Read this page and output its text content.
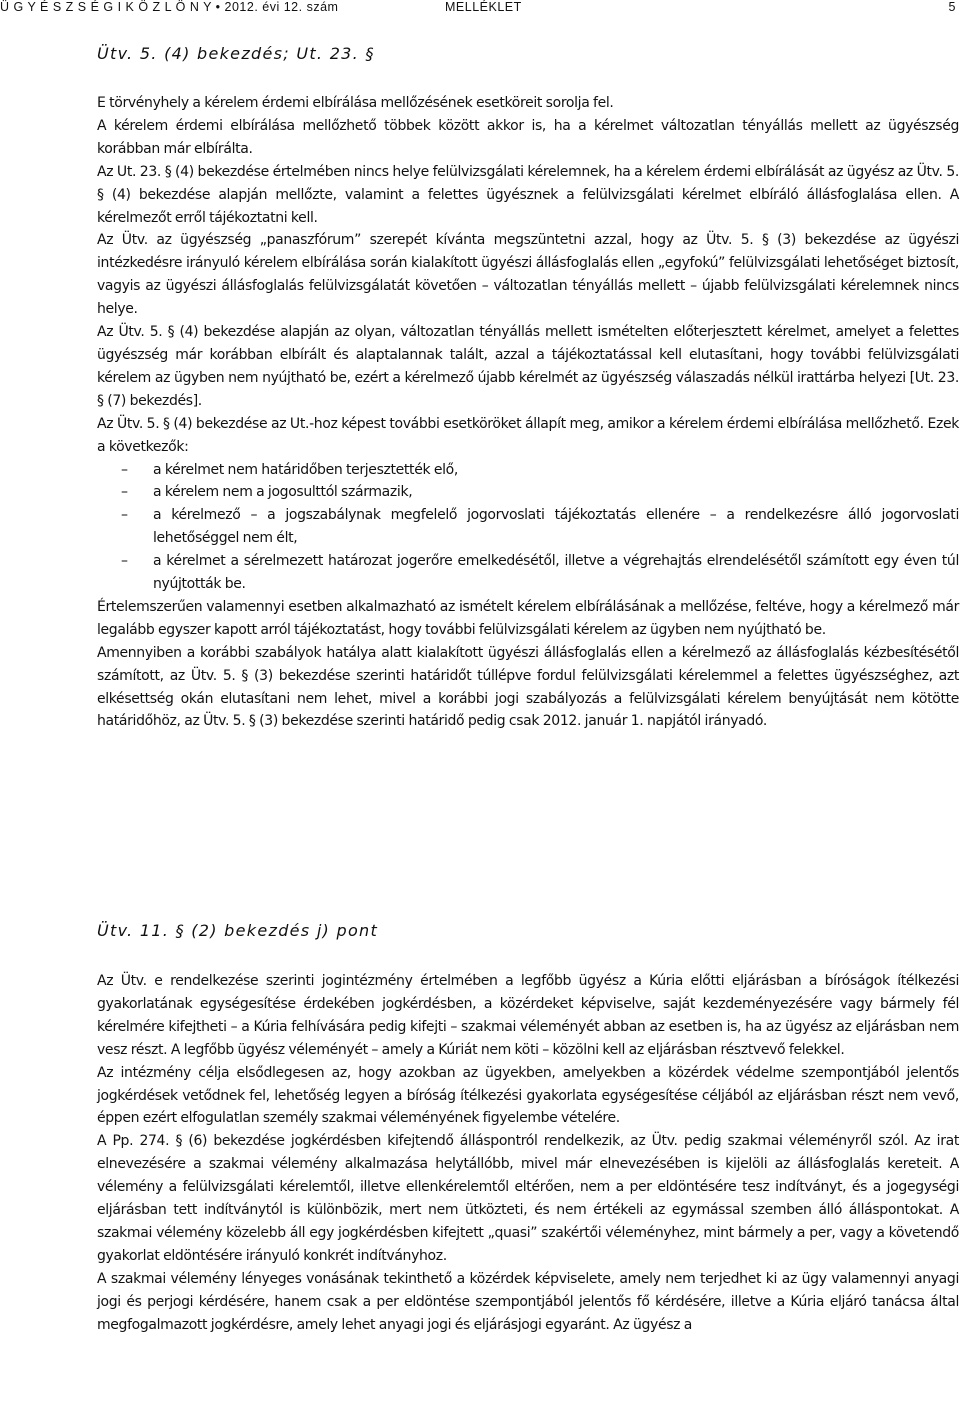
Ü G Y É S Z S É G I K Ö Z L Ö N Y • 2012. évi 12. szám	MELLÉKLET	5
Ütv. 5. (4) bekezdés; Ut. 23. §

E törvényhely a kérelem érdemi elbírálása mellőzésének esetköreit sorolja fel.

A kérelem érdemi elbírálása mellőzhető többek között akkor is, ha a kérelmet változatlan tényállás mellett az ügyészség korábban már elbírálta.

Az Ut. 23. § (4) bekezdése értelmében nincs helye felülvizsgálati kérelemnek, ha a kérelem érdemi elbírálását az ügyész az Ütv. 5. § (4) bekezdése alapján mellőzte, valamint a felettes ügyésznek a felülvizsgálati kérelmet elbíráló állásfoglalása ellen. A kérelmezőt erről tájékoztatni kell.

Az Ütv. az ügyészség „panaszfórum” szerepét kívánta megszüntetni azzal, hogy az Ütv. 5. § (3) bekezdése az ügyészi intézkedésre irányuló kérelem elbírálása során kialakított ügyészi állásfoglalás ellen „egyfokú” felülvizsgálati lehetőséget biztosít, vagyis az ügyészi állásfoglalás felülvizsgálatát követően – változatlan tényállás mellett – újabb felülvizsgálati kérelemnek nincs helye.

Az Ütv. 5. § (4) bekezdése alapján az olyan, változatlan tényállás mellett ismételten előterjesztett kérelmet, amelyet a felettes ügyészség már korábban elbírált és alaptalannak talált, azzal a tájékoztatással kell elutasítani, hogy további felülvizsgálati kérelem az ügyben nem nyújtható be, ezért a kérelmező újabb kérelmét az ügyészség válaszadás nélkül irattárba helyezi [Ut. 23. § (7) bekezdés].

Az Ütv. 5. § (4) bekezdése az Ut.-hoz képest további esetköröket állapít meg, amikor a kérelem érdemi elbírálása mellőzhető. Ezek a következők:

– a kérelmet nem határidőben terjesztették elő,
– a kérelem nem a jogosulttól származik,
– a kérelmező – a jogszabálynak megfelelő jogorvoslati tájékoztatás ellenére – a rendelkezésre álló jogorvoslati lehetőséggel nem élt,
– a kérelmet a sérelmezett határozat jogerőre emelkedésétől, illetve a végrehajtás elrendelésétől számított egy éven túl nyújtották be.

Értelemszerűen valamennyi esetben alkalmazható az ismételt kérelem elbírálásának a mellőzése, feltéve, hogy a kérelmező már legalább egyszer kapott arról tájékoztatást, hogy további felülvizsgálati kérelem az ügyben nem nyújtható be.

Amennyiben a korábbi szabályok hatálya alatt kialakított ügyészi állásfoglalás ellen a kérelmező az állásfoglalás kézbesítésétől számított, az Ütv. 5. § (3) bekezdése szerinti határidőt túllépve fordul felülvizsgálati kérelemmel a felettes ügyészséghez, azt elkésettség okán elutasítani nem lehet, mivel a korábbi jogi szabályozás a felülvizsgálati kérelem benyújtását nem kötötte határidőhöz, az Ütv. 5. § (3) bekezdése szerinti határidő pedig csak 2012. január 1. napjától irányadó.

Ütv. 11. § (2) bekezdés j) pont

Az Ütv. e rendelkezése szerinti jogintézmény értelmében a legfőbb ügyész a Kúria előtti eljárásban a bíróságok ítélkezési gyakorlatának egységesítése érdekében jogkérdésben, a közérdeket képviselve, saját kezdeményezésére vagy bármely fél kérelmére kifejtheti – a Kúria felhívására pedig kifejti – szakmai véleményét abban az esetben is, ha az ügyész az eljárásban nem vesz részt. A legfőbb ügyész véleményét – amely a Kúriát nem köti – közölni kell az eljárásban résztvevő felekkel.

Az intézmény célja elsődlegesen az, hogy azokban az ügyekben, amelyekben a közérdek védelme szempontjából jelentős jogkérdések vetődnek fel, lehetőség legyen a bíróság ítélkezési gyakorlata egységesítése céljából az eljárásban részt nem vevő, éppen ezért elfogulatlan személy szakmai véleményének figyelembe vételére.

A Pp. 274. § (6) bekezdése jogkérdésben kifejtendő álláspontról rendelkezik, az Ütv. pedig szakmai véleményről szól. Az irat elnevezésére a szakmai vélemény alkalmazása helytállóbb, mivel már elnevezésében is kijelöli az állásfoglalás kereteit. A vélemény a felülvizsgálati kérelemtől, illetve ellenkérelemtől eltérően, nem a per eldöntésére tesz indítványt, és a jogegységi eljárásban tett indítványtól is különbözik, mert nem ütközteti, és nem értékeli az egymással szemben álló álláspontokat. A szakmai vélemény közelebb áll egy jogkérdésben kifejtett „quasi” szakértői véleményhez, mint bármely a per, vagy a követendő gyakorlat eldöntésére irányuló konkrét indítványhoz.

A szakmai vélemény lényeges vonásának tekinthető a közérdek képviselete, amely nem terjedhet ki az ügy valamennyi anyagi jogi és perjogi kérdésére, hanem csak a per eldöntése szempontjából jelentős fő kérdésére, illetve a Kúria eljáró tanácsa által megfogalmazott jogkérdésre, amely lehet anyagi jogi és eljárásjogi egyaránt. Az ügyész a
